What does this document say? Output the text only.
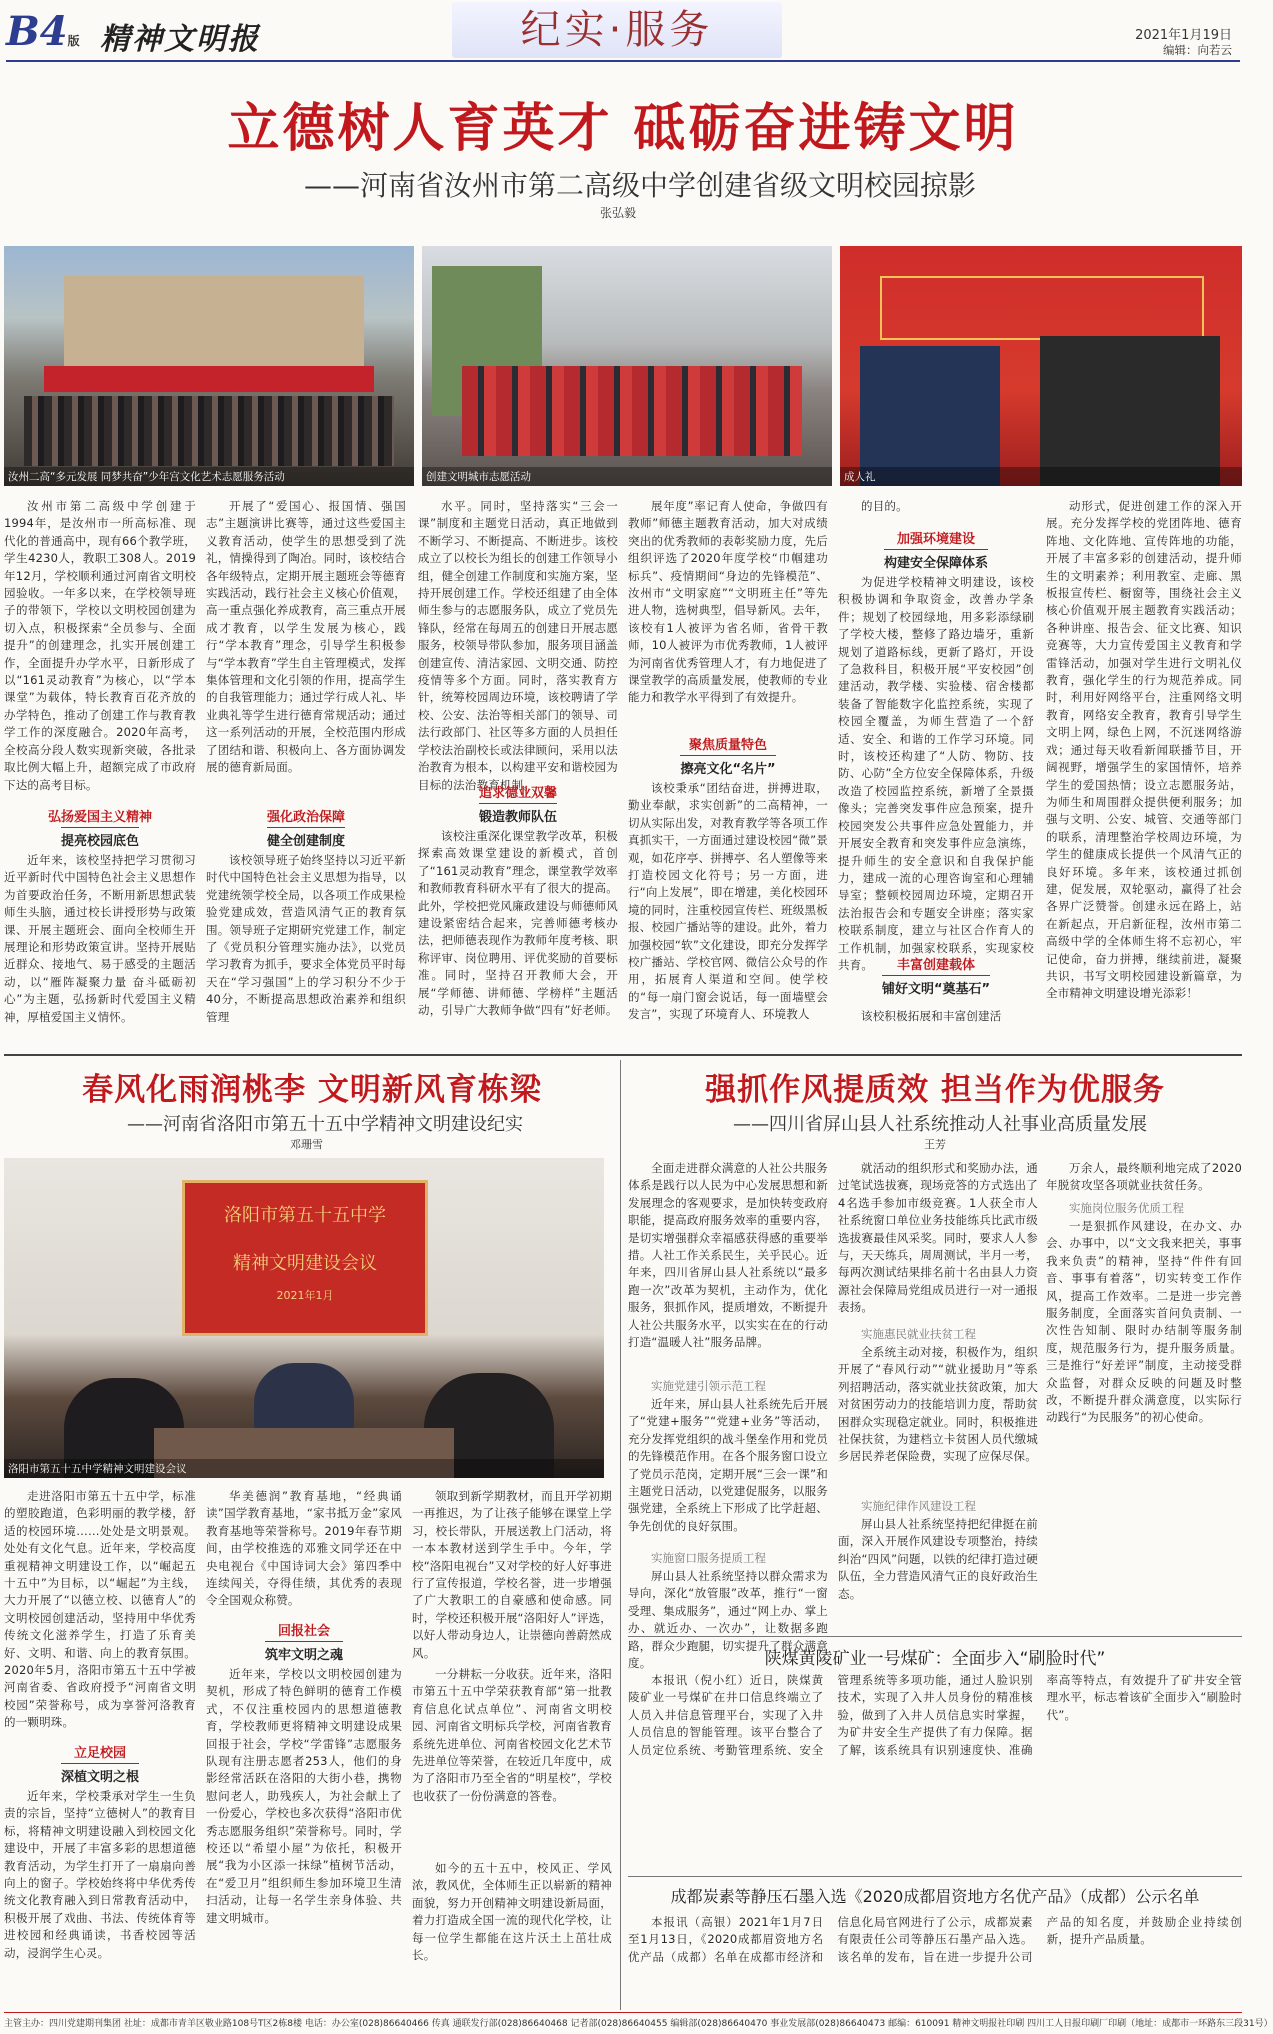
B4版 精神文明报	纪实·服务	2021年1月19日
编辑：向若云
立德树人育英才 砥砺奋进铸文明
——河南省汝州市第二高级中学创建省级文明校园掠影
张弘毅
汝州二高“多元发展 同梦共奋”少年宫文化艺术志愿服务活动	创建文明城市志愿活动	成人礼

汝州市第二高级中学创建于1994年，是汝州市一所高标准、现代化的普通高中，现有66个教学班，学生4230人，教职工308人。2019年12月，学校顺利通过河南省文明校园验收。一年多以来，在学校领导班子的带领下，学校以文明校园创建为切入点，积极探索“全员参与、全面提升”的创建理念，扎实开展创建工作，全面提升办学水平，日新形成了以“161灵动教育”为核心，以“学本课堂”为载体，特长教育百花齐放的办学特色，推动了创建工作与教育教学工作的深度融合。2020年高考，全校高分段人数实现新突破，各批录取比例大幅上升，超额完成了市政府下达的高考目标。

弘扬爱国主义精神
提亮校园底色

近年来，该校坚持把学习贯彻习近平新时代中国特色社会主义思想作为首要政治任务，不断用新思想武装师生头脑，通过校长讲授形势与政策课、开展主题班会、面向全校师生开展理论和形势政策宣讲。坚持开展贴近群众、接地气、易于感受的主题活动，以“雁阵凝聚力量 奋斗砥砺初心”为主题，弘扬新时代爱国主义精神，厚植爱国主义情怀。

开展了“爱国心、报国情、强国志”主题演讲比赛等，通过这些爱国主义教育活动，使学生的思想受到了洗礼，情操得到了陶冶。同时，该校结合各年级特点，定期开展主题班会等德育实践活动，践行社会主义核心价值观，高一重点强化养成教育，高三重点开展成才教育，以学生发展为核心，践行“学本教育”理念，引导学生积极参与“学本教育”学生自主管理模式，发挥集体管理和文化引领的作用，提高学生的自我管理能力；通过学行成人礼、毕业典礼等学生进行德育常规活动；通过这一系列活动的开展，全校范围内形成了团结和谐、积极向上、各方面协调发展的德育新局面。

强化政治保障
健全创建制度

该校领导班子始终坚持以习近平新时代中国特色社会主义思想为指导，以党建统领学校全局，以各项工作成果检验党建成效，营造风清气正的教育氛围。领导班子定期研究党建工作，制定了《党员积分管理实施办法》，以党员学习教育为抓手，要求全体党员平时每天在“学习强国”上的学习积分不少于40分，不断提高思想政治素养和组织管理

水平。同时，坚持落实“三会一课”制度和主题党日活动，真正地做到不断学习、不断提高、不断进步。该校成立了以校长为组长的创建工作领导小组，健全创建工作制度和实施方案，坚持开展创建工作。学校还组建了由全体师生参与的志愿服务队，成立了党员先锋队，经常在每周五的创建日开展志愿服务，校领导带队参加，服务项目涵盖创建宣传、清洁家园、文明交通、防控疫情等多个方面。同时，落实教育方针，统筹校园周边环境，该校聘请了学校、公安、法治等相关部门的领导、司法行政部门、社区等多方面的人员担任学校法治副校长或法律顾问，采用以法治教育为根本，以构建平安和谐校园为目标的法治教育机制。

追求德业双馨
锻造教师队伍

该校注重深化课堂教学改革，积极探索高效课堂建设的新模式，首创了“161灵动教育”理念，课堂教学效率和教师教育科研水平有了很大的提高。此外，学校把党风廉政建设与师德师风建设紧密结合起来，完善师德考核办法，把师德表现作为教师年度考核、职称评审、岗位聘用、评优奖励的首要标准。同时，坚持召开教师大会，开展“学师德、讲师德、学榜样”主题活动，引导广大教师争做“四有”好老师。

展年度”率记育人使命，争做四有教师”师德主题教育活动，加大对成绩突出的优秀教师的表彰奖励力度，先后组织评选了2020年度学校“巾帼建功标兵”、疫情期间“身边的先锋模范”、汝州市“文明家庭”“文明班主任”等先进人物，选树典型，倡导新风。去年，该校有1人被评为省名师，省骨干教师，10人被评为市优秀教师，1人被评为河南省优秀管理人才，有力地促进了课堂教学的高质量发展，使教师的专业能力和教学水平得到了有效提升。

聚焦质量特色
擦亮文化“名片”

该校秉承“团结奋进，拼搏进取，勤业奉献，求实创新”的二高精神，一切从实际出发，对教育教学等各项工作真抓实干，一方面通过建设校园“微”景观，如花序亭、拼搏亭、名人塑像等来打造校园文化符号；另一方面，进行“向上发展”，即在增建，美化校园环境的同时，注重校园宣传栏、班级黑板报、校园广播站等的建设。此外，着力加强校园“软”文化建设，即充分发挥学校广播站、学校官网、微信公众号的作用，拓展育人渠道和空间。使学校的“每一扇门窗会说话，每一面墙壁会发言”，实现了环境育人、环境教人

的目的。

加强环境建设
构建安全保障体系

为促进学校精神文明建设，该校积极协调和争取资金，改善办学条件；规划了校园绿地，用多彩添绿刷了学校大楼，整修了路边墙牙，重新规划了道路标线，更新了路灯，开设了急救科目，积极开展“平安校园”创建活动，教学楼、实验楼、宿舍楼都装备了智能数字化监控系统，实现了校园全覆盖，为师生营造了一个舒适、安全、和谐的工作学习环境。同时，该校还构建了“人防、物防、技防、心防”全方位安全保障体系，升级改造了校园监控系统，新增了全景摄像头；完善突发事件应急预案，提升校园突发公共事件应急处置能力，并开展安全教育和突发事件应急演练，提升师生的安全意识和自我保护能力，建成一流的心理咨询室和心理辅导室；整顿校园周边环境，定期召开法治报告会和专题安全讲座；落实家校联系制度，建立与社区合作育人的工作机制，加强家校联系，实现家校共育。	丰富创建载体
铺好文明“奠基石”

该校积极拓展和丰富创建活

动形式，促进创建工作的深入开展。充分发挥学校的党团阵地、德育阵地、文化阵地、宣传阵地的功能，开展了丰富多彩的创建活动，提升师生的文明素养；利用教室、走廊、黑板报宣传栏、橱窗等，围绕社会主义核心价值观开展主题教育实践活动；各种讲座、报告会、征文比赛、知识竞赛等，大力宣传爱国主义教育和学雷锋活动，加强对学生进行文明礼仪教育，强化学生的行为规范养成。同时，利用好网络平台，注重网络文明教育，网络安全教育，教育引导学生文明上网，绿色上网，不沉迷网络游戏；通过每天收看新闻联播节目，开阔视野，增强学生的家国情怀，培养学生的爱国热情；设立志愿服务站，为师生和周围群众提供便利服务；加强与文明、公安、城管、交通等部门的联系，清理整治学校周边环境，为学生的健康成长提供一个风清气正的良好环境。多年来，该校通过抓创建，促发展，双轮驱动，赢得了社会各界广泛赞誉。创建永远在路上，站在新起点，开启新征程，汝州市第二高级中学的全体师生将不忘初心，牢记使命，奋力拼搏，继续前进，凝聚共识，书写文明校园建设新篇章，为全市精神文明建设增光添彩！

春风化雨润桃李 文明新风育栋梁
——河南省洛阳市第五十五中学精神文明建设纪实
邓珊雪
洛阳市第五十五中学
精神文明建设会议
2021年1月
洛阳市第五十五中学精神文明建设会议

走进洛阳市第五十五中学，标准的塑胶跑道，色彩明丽的教学楼，舒适的校园环境……处处是文明景观。处处有文化气息。近年来，学校高度重视精神文明建设工作，以“崛起五十五中”为目标，以“崛起”为主线，大力开展了“以德立校、以德育人”的文明校园创建活动，坚持用中华优秀传统文化滋养学生，打造了乐育美好、文明、和谐、向上的教育氛围。2020年5月，洛阳市第五十五中学被河南省委、省政府授予“河南省文明校园”荣誉称号，成为享誉河洛教育的一颗明珠。

立足校园
深植文明之根

近年来，学校秉承对学生一生负责的宗旨，坚持“立德树人”的教育目标，将精神文明建设融入到校园文化建设中，开展了丰富多彩的思想道德教育活动，为学生打开了一扇扇向善向上的窗子。学校始终将中华优秀传统文化教育融入到日常教育活动中，积极开展了戏曲、书法、传统体育等进校园和经典诵读，书香校园等活动，浸润学生心灵。

华美德润”教育基地，“经典诵读”国学教育基地，“家书抵万金”家风教育基地等荣誉称号。2019年春节期间，由学校推选的邓雅文同学还在中央电视台《中国诗词大会》第四季中连续闯关，夺得佳绩，其优秀的表现令全国观众称赞。

回报社会
筑牢文明之魂

近年来，学校以文明校园创建为契机，形成了特色鲜明的德育工作模式，不仅注重校园内的思想道德教育，学校教师更将精神文明建设成果回报于社会，学校“学雷锋”志愿服务队现有注册志愿者253人，他们的身影经常活跃在洛阳的大街小巷，携物慰问老人，助残疾人，为社会献上了一份爱心，学校也多次获得“洛阳市优秀志愿服务组织”荣誉称号。同时，学校还以“希望小屋”为依托，积极开展“我为小区添一抹绿”植树节活动，在“爱卫月”组织师生参加环境卫生清扫活动，让每一名学生亲身体验、共建文明城市。

领取到新学期教材，而且开学初期一再推迟，为了让孩子能够在课堂上学习，校长带队，开展送教上门活动，将一本本教材送到学生手中。今年，学校“洛阳电视台”又对学校的好人好事进行了宣传报道，学校名誉，进一步增强了广大教职工的自豪感和使命感。同时，学校还积极开展“洛阳好人”评选，以好人带动身边人，让崇德向善蔚然成风。

一分耕耘一分收获。近年来，洛阳市第五十五中学荣获教育部“第一批教育信息化试点单位”、河南省文明校园、河南省文明标兵学校，河南省教育系统先进单位、河南省校园文化艺术节先进单位等荣誉，在较近几年度中，成为了洛阳市乃至全省的“明星校”，学校也收获了一份份满意的答卷。

如今的五十五中，校风正、学风浓，教风优，全体师生正以崭新的精神面貌，努力开创精神文明建设新局面，着力打造成全国一流的现代化学校，让每一位学生都能在这片沃土上茁壮成长。

强抓作风提质效 担当作为优服务
——四川省屏山县人社系统推动人社事业高质量发展
王芳

全面走进群众满意的人社公共服务体系是践行以人民为中心发展思想和新发展理念的客观要求，是加快转变政府职能，提高政府服务效率的重要内容，是切实增强群众幸福感获得感的重要举措。人社工作关系民生，关乎民心。近年来，四川省屏山县人社系统以“最多跑一次”改革为契机，主动作为，优化服务，狠抓作风，提质增效，不断提升人社公共服务水平，以实实在在的行动打造“温暖人社”服务品牌。

实施党建引领示范工程

近年来，屏山县人社系统先后开展了“党建+服务”“党建+业务”等活动，充分发挥党组织的战斗堡垒作用和党员的先锋模范作用。在各个服务窗口设立了党员示范岗，定期开展“三会一课”和主题党日活动，以党建促服务，以服务强党建，全系统上下形成了比学赶超、争先创优的良好氛围。

实施窗口服务提质工程

屏山县人社系统坚持以群众需求为导向，深化“放管服”改革，推行“一窗受理、集成服务”，通过“网上办、掌上办、就近办、一次办”，让数据多跑路，群众少跑腿，切实提升了群众满意度。

就活动的组织形式和奖励办法，通过笔试选拔赛，现场竞答的方式选出了4名选手参加市级竞赛。1人获全市人社系统窗口单位业务技能练兵比武市级选拔赛最佳风采奖。同时，要求人人参与，天天练兵，周周测试，半月一考，每两次测试结果排名前十名由县人力资源社会保障局党组成员进行一对一通报表扬。

实施惠民就业扶贫工程

全系统主动对接，积极作为，组织开展了“春风行动”“就业援助月”等系列招聘活动，落实就业扶贫政策，加大对贫困劳动力的技能培训力度，帮助贫困群众实现稳定就业。同时，积极推进社保扶贫，为建档立卡贫困人员代缴城乡居民养老保险费，实现了应保尽保。

实施纪律作风建设工程

屏山县人社系统坚持把纪律挺在前面，深入开展作风建设专项整治，持续纠治“四风”问题，以铁的纪律打造过硬队伍，全力营造风清气正的良好政治生态。

万余人，最终顺利地完成了2020年脱贫攻坚各项就业扶贫任务。

实施岗位服务优质工程

一是狠抓作风建设，在办文、办会、办事中，以“文文我来把关，事事我来负责”的精神，坚持“件件有回音、事事有着落”，切实转变工作作风，提高工作效率。二是进一步完善服务制度，全面落实首问负责制、一次性告知制、限时办结制等服务制度，规范服务行为，提升服务质量。三是推行“好差评”制度，主动接受群众监督，对群众反映的问题及时整改，不断提升群众满意度，以实际行动践行“为民服务”的初心使命。

陕煤黄陵矿业一号煤矿：全面步入“刷脸时代”

本报讯（倪小红）近日，陕煤黄陵矿业一号煤矿在井口信息终端立了人员入井信息管理平台，实现了入井人员信息的智能管理。该平台整合了人员定位系统、考勤管理系统、安全管理系统等多项功能，通过人脸识别技术，实现了入井人员身份的精准核验，做到了入井人员信息实时掌握，为矿井安全生产提供了有力保障。据了解，该系统具有识别速度快、准确率高等特点，有效提升了矿井安全管理水平，标志着该矿全面步入“刷脸时代”。

成都炭素等静压石墨入选《2020成都眉资地方名优产品》（成都）公示名单

本报讯（高银）2021年1月7日至1月13日，《2020成都眉资地方名优产品（成都）名单在成都市经济和信息化局官网进行了公示，成都炭素有限责任公司等静压石墨产品入选。该名单的发布，旨在进一步提升公司产品的知名度，并鼓励企业持续创新，提升产品质量。

主管主办：四川党建期刊集团 社址：成都市青羊区敬业路108号T区2栋8楼 电话：办公室(028)86640466 传真 通联发行部(028)86640468 记者部(028)86640455 编辑部(028)86640470 事业发展部(028)86640473 邮编：610091 精神文明报社印刷 四川工人日报印刷厂印刷（地址：成都市一环路东三段31号）
